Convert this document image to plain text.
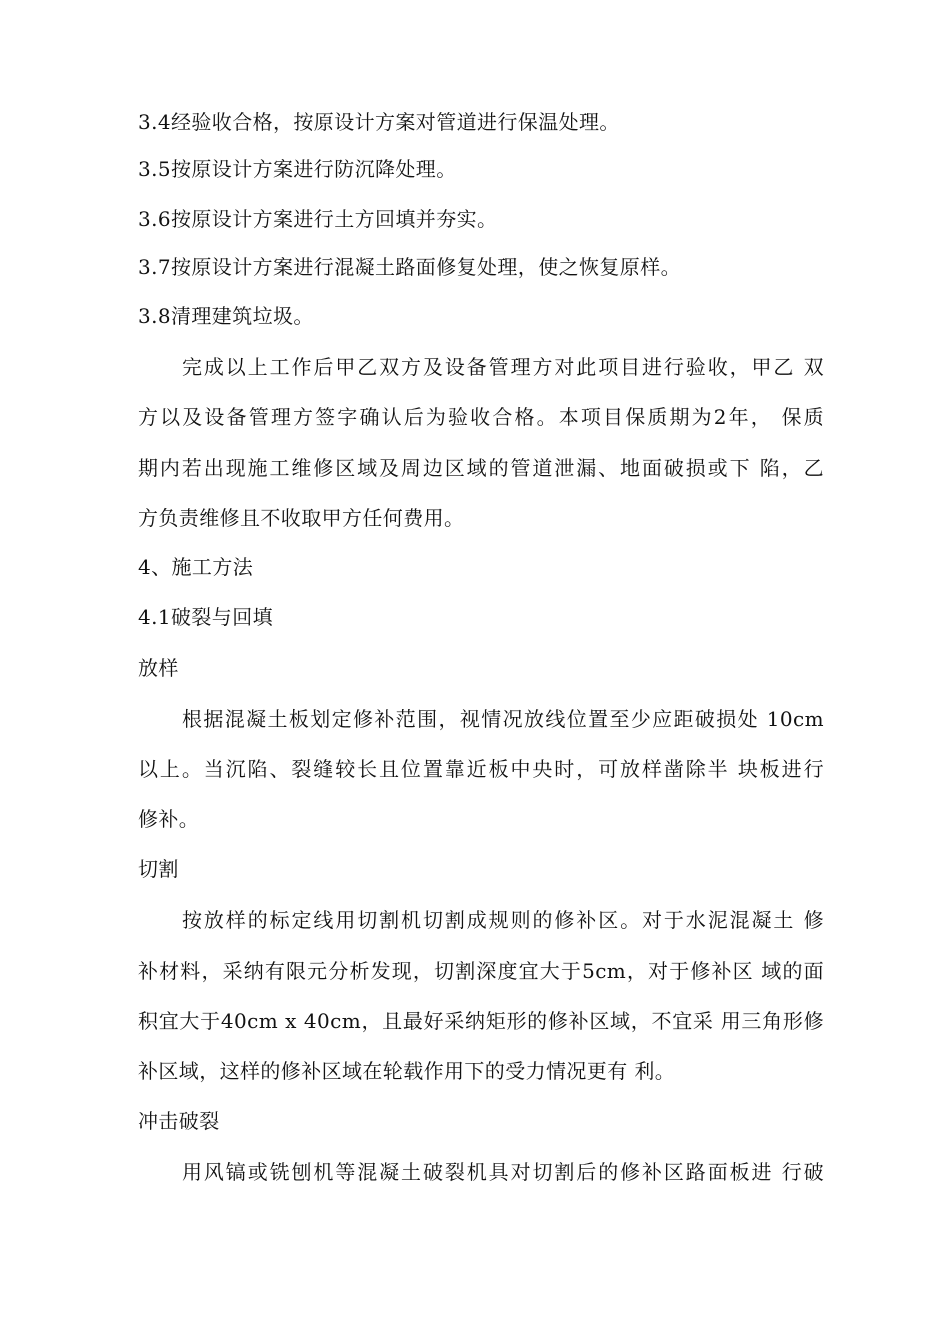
3.4经验收合格，按原设计方案对管道进行保温处理。
3.5按原设计方案进行防沉降处理。
3.6按原设计方案进行土方回填并夯实。
3.7按原设计方案进行混凝土路面修复处理，使之恢复原样。
3.8清理建筑垃圾。
完成以上工作后甲乙双方及设备管理方对此项目进行验收，甲乙 双
方以及设备管理方签字确认后为验收合格。本项目保质期为2年， 保质
期内若出现施工维修区域及周边区域的管道泄漏、地面破损或下 陷，乙
方负责维修且不收取甲方任何费用。
4、施工方法
4.1破裂与回填
放样
根据混凝土板划定修补范围，视情况放线位置至少应距破损处 10cm
以上。当沉陷、裂缝较长且位置靠近板中央时，可放样凿除半 块板进行
修补。
切割
按放样的标定线用切割机切割成规则的修补区。对于水泥混凝土 修
补材料，采纳有限元分析发现，切割深度宜大于5cm，对于修补区 域的面
积宜大于40cm x 40cm，且最好采纳矩形的修补区域，不宜采 用三角形修
补区域，这样的修补区域在轮载作用下的受力情况更有 利。
冲击破裂
用风镐或铣刨机等混凝土破裂机具对切割后的修补区路面板进 行破
